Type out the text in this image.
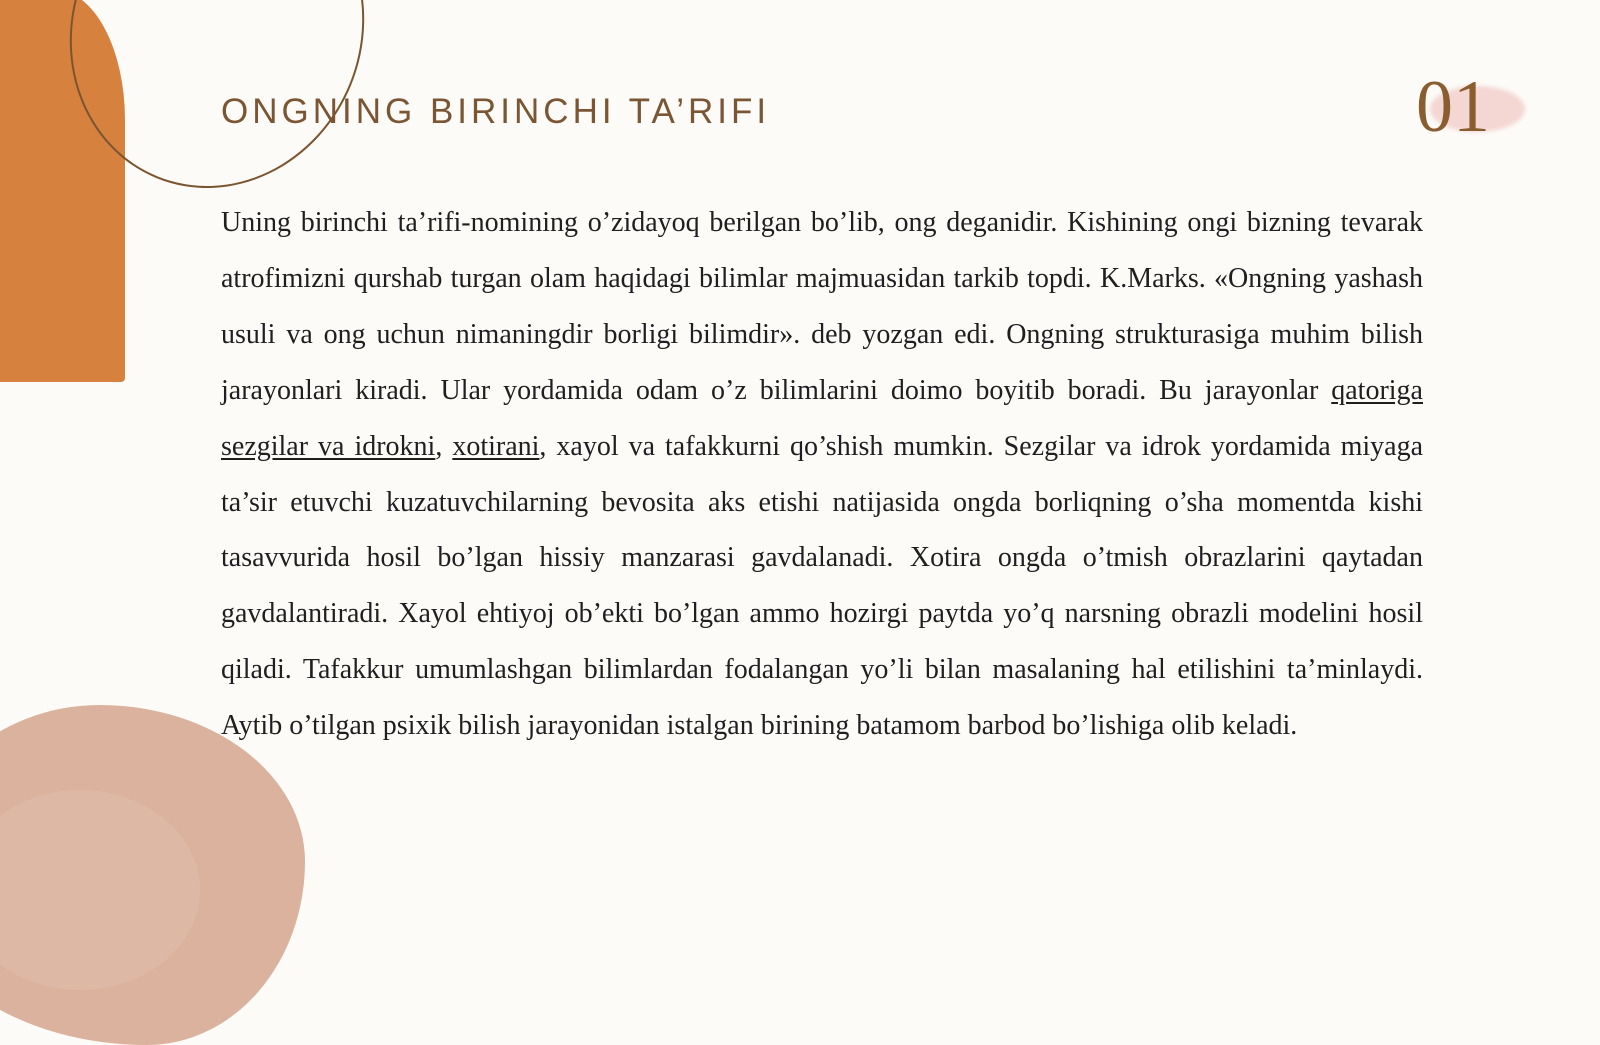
ONGNING BIRINCHI TA’RIFI	01

Uning birinchi ta’rifi-nomining o’zidayoq berilgan bo’lib, ong deganidir. Kishining ongi bizning tevarak atrofimizni qurshab turgan olam haqidagi bilimlar majmuasidan tarkib topdi. K.Marks. «Ongning yashash usuli va ong uchun nimaningdir borligi bilimdir». deb yozgan edi. Ongning strukturasiga muhim bilish jarayonlari kiradi. Ular yordamida odam o’z bilimlarini doimo boyitib boradi. Bu jarayonlar qatoriga sezgilar va idrokni, xotirani, xayol va tafakkurni qo’shish mumkin. Sezgilar va idrok yordamida miyaga ta’sir etuvchi kuzatuvchilarning bevosita aks etishi natijasida ongda borliqning o’sha momentda kishi tasavvurida hosil bo’lgan hissiy manzarasi gavdalanadi. Xotira ongda o’tmish obrazlarini qaytadan gavdalantiradi. Xayol ehtiyoj ob’ekti bo’lgan ammo hozirgi paytda yo’q narsning obrazli modelini hosil qiladi. Tafakkur umumlashgan bilimlardan fodalangan yo’li bilan masalaning hal etilishini ta’minlaydi. Aytib o’tilgan psixik bilish jarayonidan istalgan birining batamom barbod bo’lishiga olib keladi.
